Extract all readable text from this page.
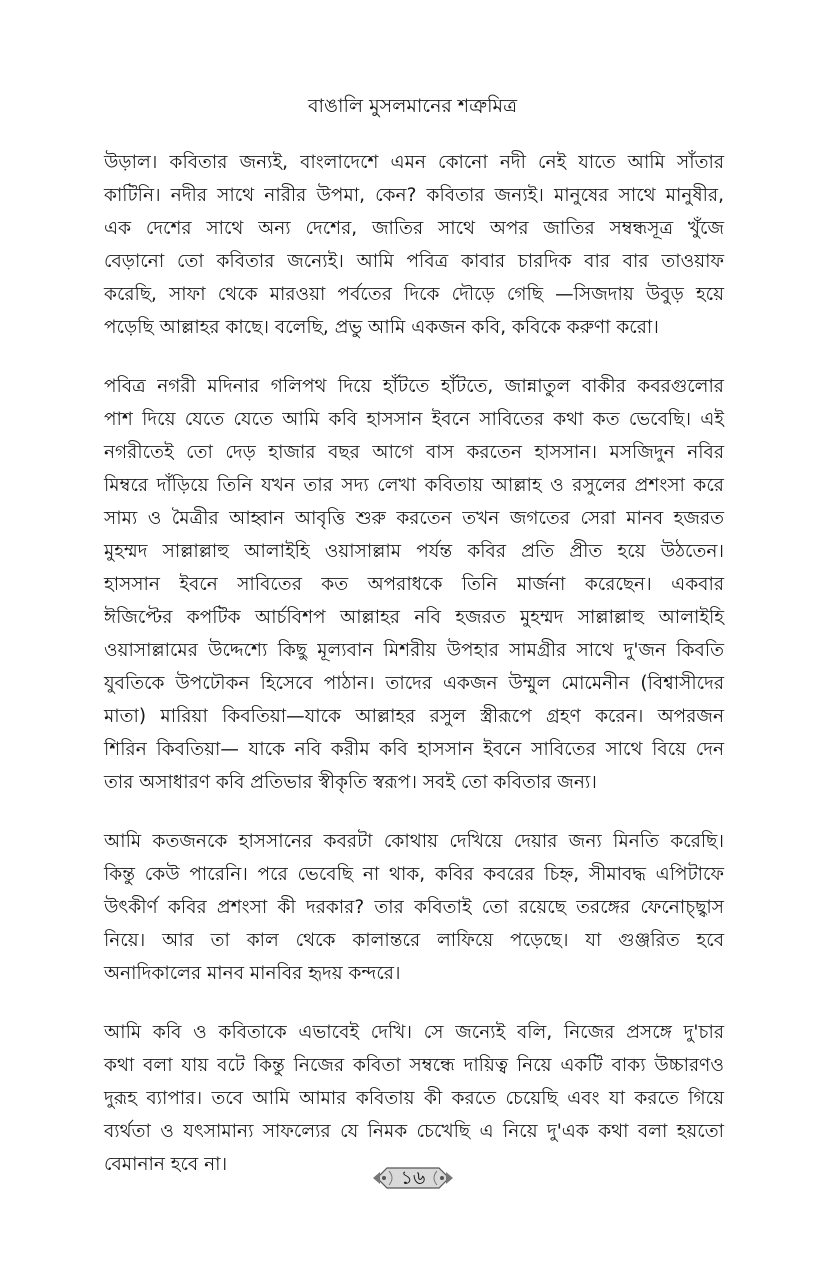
বাঙালি মুসলমানের শত্রুমিত্র
উড়াল। কবিতার জন্যই, বাংলাদেশে এমন কোনো নদী নেই যাতে আমি সাঁতার
কাটিনি। নদীর সাথে নারীর উপমা, কেন? কবিতার জন্যই। মানুষের সাথে মানুষীর,
এক দেশের সাথে অন্য দেশের, জাতির সাথে অপর জাতির সম্বন্ধসূত্র খুঁজে
বেড়ানো তো কবিতার জন্যেই। আমি পবিত্র কাবার চারদিক বার বার তাওয়াফ
করেছি, সাফা থেকে মারওয়া পর্বতের দিকে দৌড়ে গেছি —সিজদায় উবুড় হয়ে
পড়েছি আল্লাহর কাছে। বলেছি, প্রভু আমি একজন কবি, কবিকে করুণা করো।
পবিত্র নগরী মদিনার গলিপথ দিয়ে হাঁটতে হাঁটতে, জান্নাতুল বাকীর কবরগুলোর
পাশ দিয়ে যেতে যেতে আমি কবি হাসসান ইবনে সাবিতের কথা কত ভেবেছি। এই
নগরীতেই তো দেড় হাজার বছর আগে বাস করতেন হাসসান। মসজিদুন নবির
মিম্বরে দাঁড়িয়ে তিনি যখন তার সদ্য লেখা কবিতায় আল্লাহ ও রসুলের প্রশংসা করে
সাম্য ও মৈত্রীর আহ্বান আবৃত্তি শুরু করতেন তখন জগতের সেরা মানব হজরত
মুহম্মদ সাল্লাল্লাহু আলাইহি ওয়াসাল্লাম পর্যন্ত কবির প্রতি প্রীত হয়ে উঠতেন।
হাসসান ইবনে সাবিতের কত অপরাধকে তিনি মার্জনা করেছেন। একবার
ঈজিপ্টের কপটিক আর্চবিশপ আল্লাহর নবি হজরত মুহম্মদ সাল্লাল্লাহু আলাইহি
ওয়াসাল্লামের উদ্দেশ্যে কিছু মূল্যবান মিশরীয় উপহার সামগ্রীর সাথে দু'জন কিবতি
যুবতিকে উপঢৌকন হিসেবে পাঠান। তাদের একজন উম্মুল মোমেনীন (বিশ্বাসীদের
মাতা) মারিয়া কিবতিয়া—যাকে আল্লাহর রসুল স্ত্রীরূপে গ্রহণ করেন। অপরজন
শিরিন কিবতিয়া— যাকে নবি করীম কবি হাসসান ইবনে সাবিতের সাথে বিয়ে দেন
তার অসাধারণ কবি প্রতিভার স্বীকৃতি স্বরূপ। সবই তো কবিতার জন্য।
আমি কতজনকে হাসসানের কবরটা কোথায় দেখিয়ে দেয়ার জন্য মিনতি করেছি।
কিন্তু কেউ পারেনি। পরে ভেবেছি না থাক, কবির কবরের চিহ্ন, সীমাবদ্ধ এপিটাফে
উৎকীর্ণ কবির প্রশংসা কী দরকার? তার কবিতাই তো রয়েছে তরঙ্গের ফেনোচ্ছ্বাস
নিয়ে। আর তা কাল থেকে কালান্তরে লাফিয়ে পড়েছে। যা গুঞ্জরিত হবে
অনাদিকালের মানব মানবির হৃদয় কন্দরে।
আমি কবি ও কবিতাকে এভাবেই দেখি। সে জন্যেই বলি, নিজের প্রসঙ্গে দু'চার
কথা বলা যায় বটে কিন্তু নিজের কবিতা সম্বন্ধে দায়িত্ব নিয়ে একটি বাক্য উচ্চারণও
দুরূহ ব্যাপার। তবে আমি আমার কবিতায় কী করতে চেয়েছি এবং যা করতে গিয়ে
ব্যর্থতা ও যৎসামান্য সাফল্যের যে নিমক চেখেছি এ নিয়ে দু'এক কথা বলা হয়তো
বেমানান হবে না।
১৬
